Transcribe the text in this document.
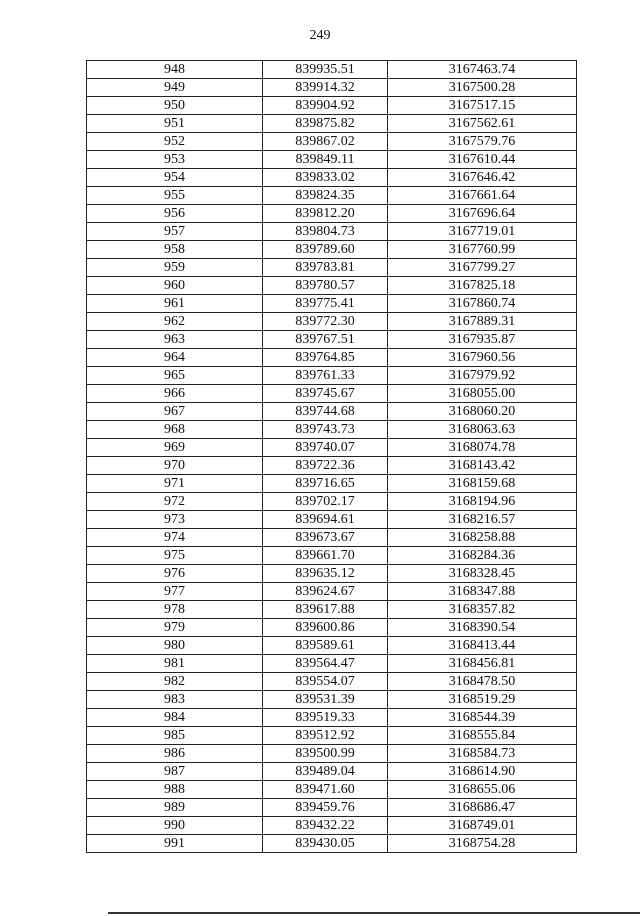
249
948	839935.51	3167463.74
949	839914.32	3167500.28
950	839904.92	3167517.15
951	839875.82	3167562.61
952	839867.02	3167579.76
953	839849.11	3167610.44
954	839833.02	3167646.42
955	839824.35	3167661.64
956	839812.20	3167696.64
957	839804.73	3167719.01
958	839789.60	3167760.99
959	839783.81	3167799.27
960	839780.57	3167825.18
961	839775.41	3167860.74
962	839772.30	3167889.31
963	839767.51	3167935.87
964	839764.85	3167960.56
965	839761.33	3167979.92
966	839745.67	3168055.00
967	839744.68	3168060.20
968	839743.73	3168063.63
969	839740.07	3168074.78
970	839722.36	3168143.42
971	839716.65	3168159.68
972	839702.17	3168194.96
973	839694.61	3168216.57
974	839673.67	3168258.88
975	839661.70	3168284.36
976	839635.12	3168328.45
977	839624.67	3168347.88
978	839617.88	3168357.82
979	839600.86	3168390.54
980	839589.61	3168413.44
981	839564.47	3168456.81
982	839554.07	3168478.50
983	839531.39	3168519.29
984	839519.33	3168544.39
985	839512.92	3168555.84
986	839500.99	3168584.73
987	839489.04	3168614.90
988	839471.60	3168655.06
989	839459.76	3168686.47
990	839432.22	3168749.01
991	839430.05	3168754.28
